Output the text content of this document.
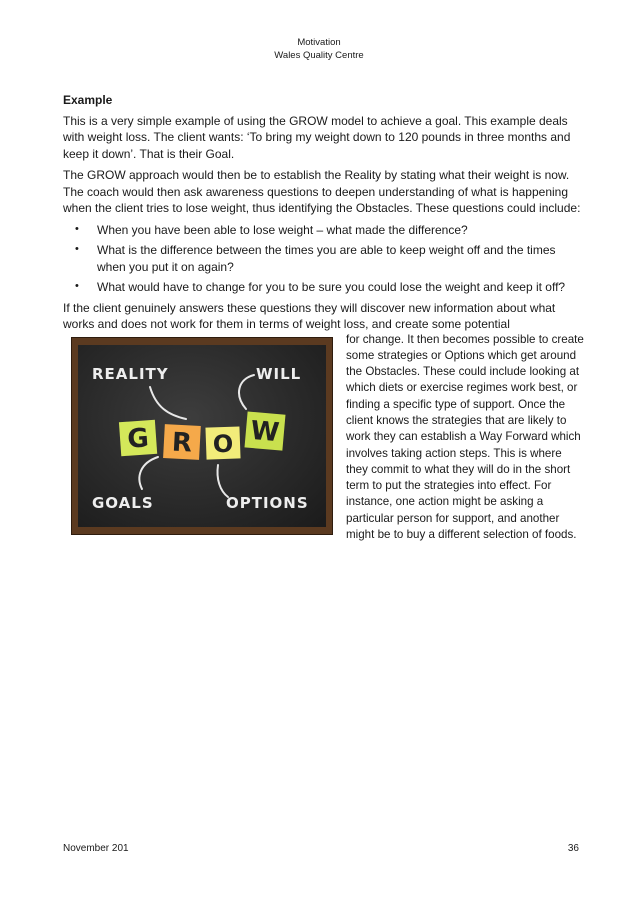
Motivation
Wales Quality Centre
Example

This is a very simple example of using the GROW model to achieve a goal. This example deals with weight loss. The client wants: ‘To bring my weight down to 120 pounds in three months and keep it down’. That is their Goal.

The GROW approach would then be to establish the Reality by stating what their weight is now. The coach would then ask awareness questions to deepen understanding of what is happening when the client tries to lose weight, thus identifying the Obstacles. These questions could include:

• When you have been able to lose weight – what made the difference?
• What is the difference between the times you are able to keep weight off and the times when you put it on again?
• What would have to change for you to be sure you could lose the weight and keep it off?

If the client genuinely answers these questions they will discover new information about what works and does not work for them in terms of weight loss, and create some potential

REALITY	WILL
GOALS	OPTIONS
G R O W
for change. It then becomes possible to create some strategies or Options which get around the Obstacles. These could include looking at which diets or exercise regimes work best, or finding a specific type of support. Once the client knows the strategies that are likely to work they can establish a Way Forward which involves taking action steps. This is where they commit to what they will do in the short term to put the strategies into effect. For instance, one action might be asking a particular person for support, and another might be to buy a different selection of foods.
November 201	36
